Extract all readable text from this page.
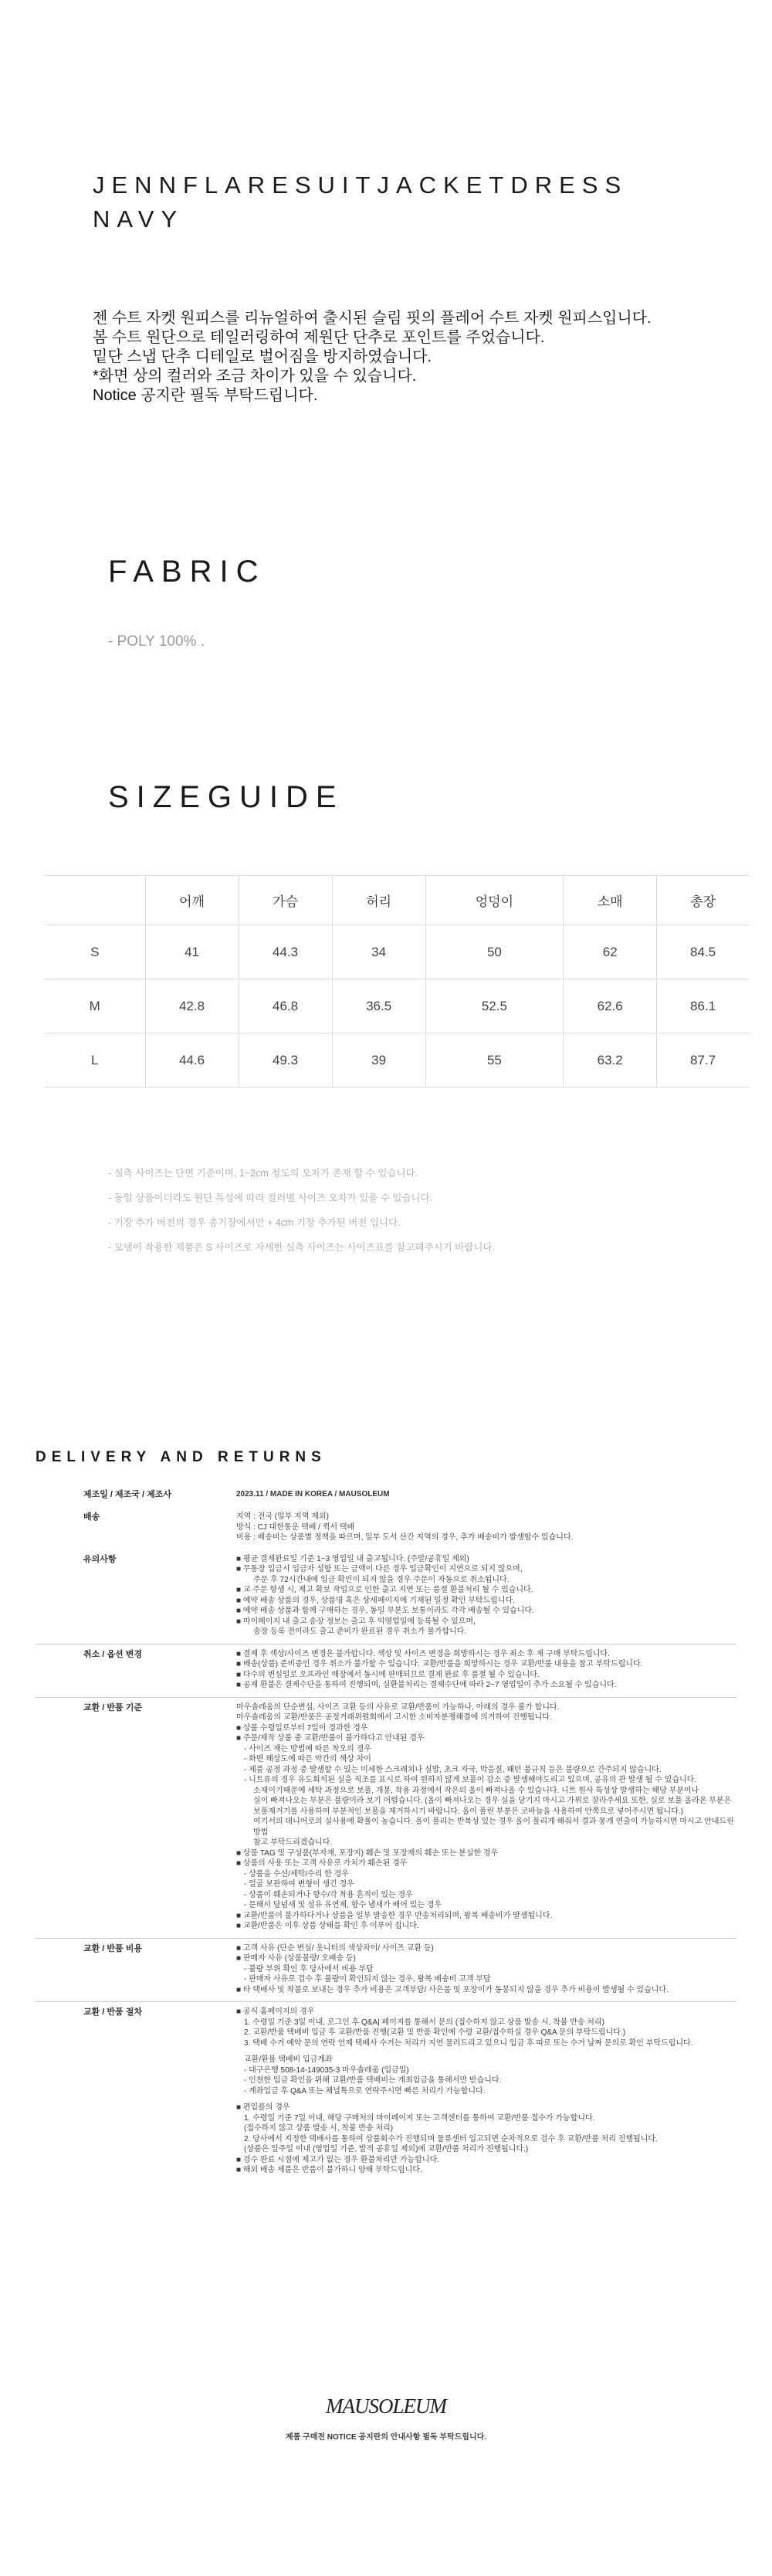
JENNFLARESUITJACKETDRESS
NAVY
젠 수트 자켓 원피스를 리뉴얼하여 출시된 슬림 핏의 플레어 수트 자켓 원피스입니다.
봄 수트 원단으로 테일러링하여 제원단 단추로 포인트를 주었습니다.
밑단 스냅 단추 디테일로 벌어짐을 방지하였습니다.
*화면 상의 컬러와 조금 차이가 있을 수 있습니다.
Notice 공지란 필독 부탁드립니다.
FABRIC
- POLY 100% .
SIZEGUIDE
	어깨	가슴	허리	엉덩이	소매	총장
S	41	44.3	34	50	62	84.5
M	42.8	46.8	36.5	52.5	62.6	86.1
L	44.6	49.3	39	55	63.2	87.7
- 실측 사이즈는 단면 기준이며, 1~2cm 정도의 오차가 존재 할 수 있습니다.
- 동일 상품이더라도 원단 특성에 따라 컬러별 사이즈 오차가 있을 수 있습니다.
- 기장 추가 버전의 경우 총기장에서만 + 4cm 기장 추가된 버전 입니다.
- 모델이 착용한 제품은 S 사이즈로 자세한 실측 사이즈는 사이즈표를 참고해주시기 바랍니다.
DELIVERY AND RETURNS
제조일 / 제조국 / 제조사	2023.11 / MADE IN KOREA / MAUSOLEUM

배송	지역 : 전국 (일부 지역 제외)

방식 : CJ 대한통운 택배 / 퀵서 택배

비용 : 배송비는 상품별 정책을 따르며, 일부 도서 산간 지역의 경우, 추가 배송비가 발생할수 있습니다.

유의사항	■ 평균 결제완료일 기준 1~3 영업일 내 출고됩니다. (주말/공휴일 제외)

■ 무통장 입금시 입금자 성함 또는 금액이 다른 경우 입금확인이 지연으로 되지 않으며,

주문 후 72시간내에 입금 확인이 되지 않을 경우 주문이 자동으로 취소됩니다.

■ 교 주문 항생 시, 제고 확보 작업으로 인한 출고 지연 또는 품절 환불처리 될 수 있습니다.

■ 예약 배송 상품의 경우, 상품명 혹은 상세페이지에 기재된 일정 확인 부탁드립니다.

■ 예약 배송 상품과 함께 구매하는 경우, 동일 부분도 보통이라도 각각 배송될 수 있습니다.

■ 마이페이지 내 출고 송장 정보는 출고 후 익영업일에 등록될 수 있으며,

송장 등록 전이라도 출고 준비가 완료된 경우 취소가 불가합니다.

취소 / 옵션 변경	■ 결제 후 색상/사이즈 변경은 불가합니다. 색상 및 사이즈 변경을 희망하시는 경우 최소 후 재 구매 부탁드립니다.

■ 배송(상품) 준비중인 경우 취소가 불가할 수 있습니다. 교환/반품을 희망하시는 경우 교환/반품 내용을 참고 부탁드립니다.

■ 다수의 변심일로 오프라인 매장에서 동시에 판매되므로 결제 완료 후 품절 될 수 있습니다.

■ 공제 환불은 결제수단을 통하여 진행되며, 실환불처리는 결제수단에 따라 2~7 영업일이 추가 소요될 수 있습니다.

교환 / 반품 기준	마우솔레움의 단순변심, 사이즈 교환 등의 사유로 교환/반품이 가능하나, 아래의 경우 불가 합니다.

마우솔레움의 교환/반품은 공정거래위원회에서 고시한 소비자분쟁해결에 의거하여 진행됩니다.

■ 상품 수령일로부터 7일이 경과한 경우

■ 주문/제작 상품 중 교환/반품이 불가하다고 안내된 경우

- 사이즈 재는 방법에 따른 착오의 경우

- 화면 해상도에 따른 약간의 색상 차이

- 제품 공정 과정 중 발생할 수 있는 미세한 스크래치나 실밥, 초크 자국, 박음질, 패턴 불규칙 등은 불량으로 간주되지 않습니다.

- 니트류의 경우 유도회석된 실을 직조를 표시로 하여 원하지 않게 보풀이 감소 중 발생해야도리고 있으며, 공유의 관 발생 될 수 있습니다.

소재이기때문에 세탁 과정으로 보풀, 개봉, 착용 과정에서 작은의 올이 빠져나올 수 있습니다. 니트 원사 특성상 발생하는 해당 부분이나

실이 빠져나오는 부분은 불량이라 보기 어렵습니다. (올이 빠져나오는 경우 실을 당기지 마시고 가위로 잘라주세요 또한, 실로 보풀 올라온 부분은

보풀제거기를 사용하여 부분적인 보풀을 제거하시기 바랍니다. 올이 풀린 부분은 코바늘을 사용하여 안쪽으로 넣어주시면 됩니다.)

여기서의 데니어로의 실사용에 확률이 높습니다. 올이 풀리는 반복성 있는 경우 올이 풀리게 해줘서 결과 뭉개 연출이 가능하시면 마시고 안내드린 방법

참고 부탁드리겠습니다.

■ 상품 TAG 및 구성품(부자재, 포장지) 훼손 및 포장재의 훼손 또는 분실한 경우

■ 상품의 사용 또는 고객 사유로 가치가 훼손된 경우

- 상품을 수선/세탁/수리 한 경우

- 얼굴 보관하여 변형이 생긴 경우

- 상품이 훼손되거나 향수/각 착용 흔적이 있는 경우

- 문해서 담념새 및 섬유 유연제, 향수 냄새가 배어 있는 경우

■ 교환/반품이 불가하다거나 상품을 일부 발송한 경우 반송처리되며, 왕복 배송비가 발생됩니다.

■ 교환/반품은 이후 상품 상태를 확인 후 이루어 집니다.

교환 / 반품 비용	■ 고객 사유 (단순 변심/ 옷니터의 색상차이/ 사이즈 교환 등)

■ 판매자 사유 (상품불량/ 오배송 등)

- 불량 부위 확인 후 당사에서 비용 부담

- 판매자 사유로 검수 후 불량이 확인되지 않는 경우, 왕복 배송비 고객 부담

■ 타 택배사 및 착불로 보내는 경우 추가 비용은 고객부담/ 사은품 및 포장이가 동봉되지 않을 경우 추가 비용이 발생될 수 있습니다.

교환 / 반품 절차	■ 공식 홈페이지의 경우

1. 수령일 기준 3일 이내, 로그인 후 Q&A| 페이지를 통해서 문의 (접수하지 않고 상품 발송 시, 착불 반송 처리)

2. 교환/반품 택배비 입금 후 교환/반품 진행(교환 및 반품 확인에 수령 교환/접수하실 경우 Q&A 문의 부탁드립니다.)

3. 택배 수거 예약 문의 연락 언제 택배사 수거는 처리가 지연 물러드리고 있으니 입금 후 따로 또는 수거 날짜 문의로 확인 부탁드립니다.

교환/환불 택배비 입금계좌

- 대구은행 508-14-149035-3 마우솔레움 (입금일)

- 인천한 입금 확인을 위해 교환/반품 택배비는 개최입금을 통해서만 받습니다.

- 계좌입금 후 Q&A 또는 채널톡으로 연락주시면 빠른 처리가 가능합니다.

■ 편입플의 경우

1. 수령일 기준 7일 이내, 해당 구매처의 마이페이지 또는 고객센터를 통하여 교환/반품 접수가 가능합니다.

(접수하지 않고 상품 발송 시, 착불 반송 처리)

2. 당사에서 지정한 택배사를 통하여 상품회수가 진행되며 물류센터 입고되면 순차적으로 검수 후 교환/반품 처리 진행됩니다.

(상품은 일주일 이내 (영업일 기준, 발적 공휴일 제외)에 교환/반품 처리가 진행됩니다.)

■ 검수 완료 시점에 제고가 없는 경우 환불처리만 가능합니다.

■ 해외 배송 제품은 반품이 불가하니 양해 부탁드립니다.

MAUSOLEUM
제품 구매전 NOTICE 공지란의 안내사항 필독 부탁드립니다.
